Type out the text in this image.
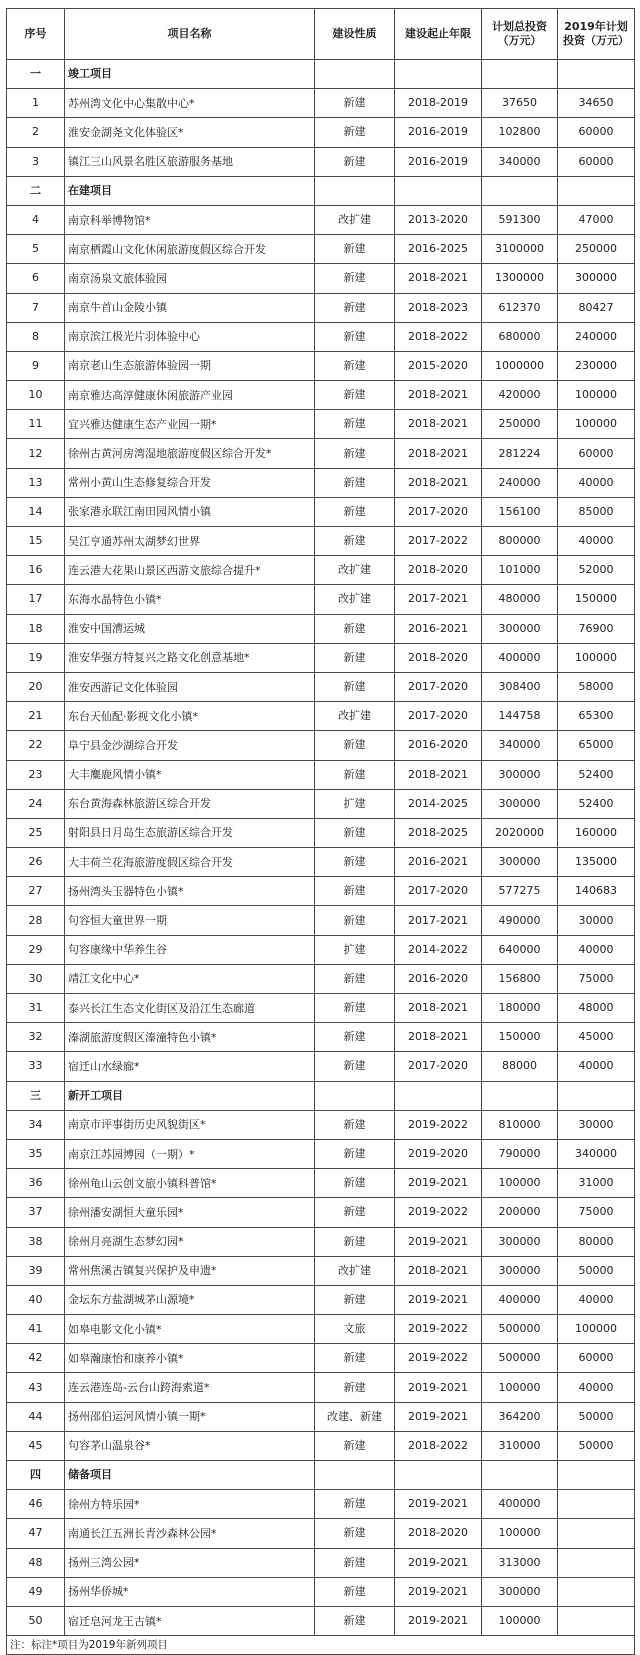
序号	项目名称	建设性质	建设起止年限	计划总投资（万元）	2019年计划投资（万元）
一	竣工项目				
1	苏州湾文化中心集散中心*	新建	2018-2019	37650	34650
2	淮安金湖尧文化体验区*	新建	2016-2019	102800	60000
3	镇江三山风景名胜区旅游服务基地	新建	2016-2019	340000	60000
二	在建项目				
4	南京科举博物馆*	改扩建	2013-2020	591300	47000
5	南京栖霞山文化休闲旅游度假区综合开发	新建	2016-2025	3100000	250000
6	南京汤泉文旅体验园	新建	2018-2021	1300000	300000
7	南京牛首山金陵小镇	新建	2018-2023	612370	80427
8	南京滨江极光片羽体验中心	新建	2018-2022	680000	240000
9	南京老山生态旅游体验园一期	新建	2015-2020	1000000	230000
10	南京雅达高淳健康休闲旅游产业园	新建	2018-2021	420000	100000
11	宜兴雅达健康生态产业园一期*	新建	2018-2021	250000	100000
12	徐州古黄河房湾湿地旅游度假区综合开发*	新建	2018-2021	281224	60000
13	常州小黄山生态修复综合开发	新建	2018-2021	240000	40000
14	张家港永联江南田园风情小镇	新建	2017-2020	156100	85000
15	吴江亨通苏州太湖梦幻世界	新建	2017-2022	800000	40000
16	连云港大花果山景区西游文旅综合提升*	改扩建	2018-2020	101000	52000
17	东海水晶特色小镇*	改扩建	2017-2021	480000	150000
18	淮安中国漕运城	新建	2016-2021	300000	76900
19	淮安华强方特复兴之路文化创意基地*	新建	2018-2020	400000	100000
20	淮安西游记文化体验园	新建	2017-2020	308400	58000
21	东台天仙配·影视文化小镇*	改扩建	2017-2020	144758	65300
22	阜宁县金沙湖综合开发	新建	2016-2020	340000	65000
23	大丰麋鹿风情小镇*	新建	2018-2021	300000	52400
24	东台黄海森林旅游区综合开发	扩建	2014-2025	300000	52400
25	射阳县日月岛生态旅游区综合开发	新建	2018-2025	2020000	160000
26	大丰荷兰花海旅游度假区综合开发	新建	2016-2021	300000	135000
27	扬州湾头玉器特色小镇*	新建	2017-2020	577275	140683
28	句容恒大童世界一期	新建	2017-2021	490000	30000
29	句容康缘中华养生谷	扩建	2014-2022	640000	40000
30	靖江文化中心*	新建	2016-2020	156800	75000
31	泰兴长江生态文化街区及沿江生态廊道	新建	2018-2021	180000	48000
32	溱湖旅游度假区溱潼特色小镇*	新建	2018-2021	150000	45000
33	宿迁山水绿廊*	新建	2017-2020	88000	40000
三	新开工项目				
34	南京市评事街历史风貌街区*	新建	2019-2022	810000	30000
35	南京江苏园博园（一期）*	新建	2019-2020	790000	340000
36	徐州龟山云创文旅小镇科普馆*	新建	2019-2021	100000	31000
37	徐州潘安湖恒大童乐园*	新建	2019-2022	200000	75000
38	徐州月亮湖生态梦幻园*	新建	2019-2021	300000	80000
39	常州焦溪古镇复兴保护及申遗*	改扩建	2018-2021	300000	50000
40	金坛东方盐湖城茅山源境*	新建	2019-2021	400000	40000
41	如皋电影文化小镇*	文旅	2019-2022	500000	100000
42	如皋瀚康怡和康养小镇*	新建	2019-2022	500000	60000
43	连云港连岛-云台山跨海索道*	新建	2019-2021	100000	40000
44	扬州邵伯运河风情小镇一期*	改建、新建	2019-2021	364200	50000
45	句容茅山温泉谷*	新建	2018-2022	310000	50000
四	储备项目				
46	徐州方特乐园*	新建	2019-2021	400000	
47	南通长江五洲长青沙森林公园*	新建	2018-2020	100000	
48	扬州三湾公园*	新建	2019-2021	313000	
49	扬州华侨城*	新建	2019-2021	300000	
50	宿迁皂河龙王古镇*	新建	2019-2021	100000	
注：标注*项目为2019年新列项目					
